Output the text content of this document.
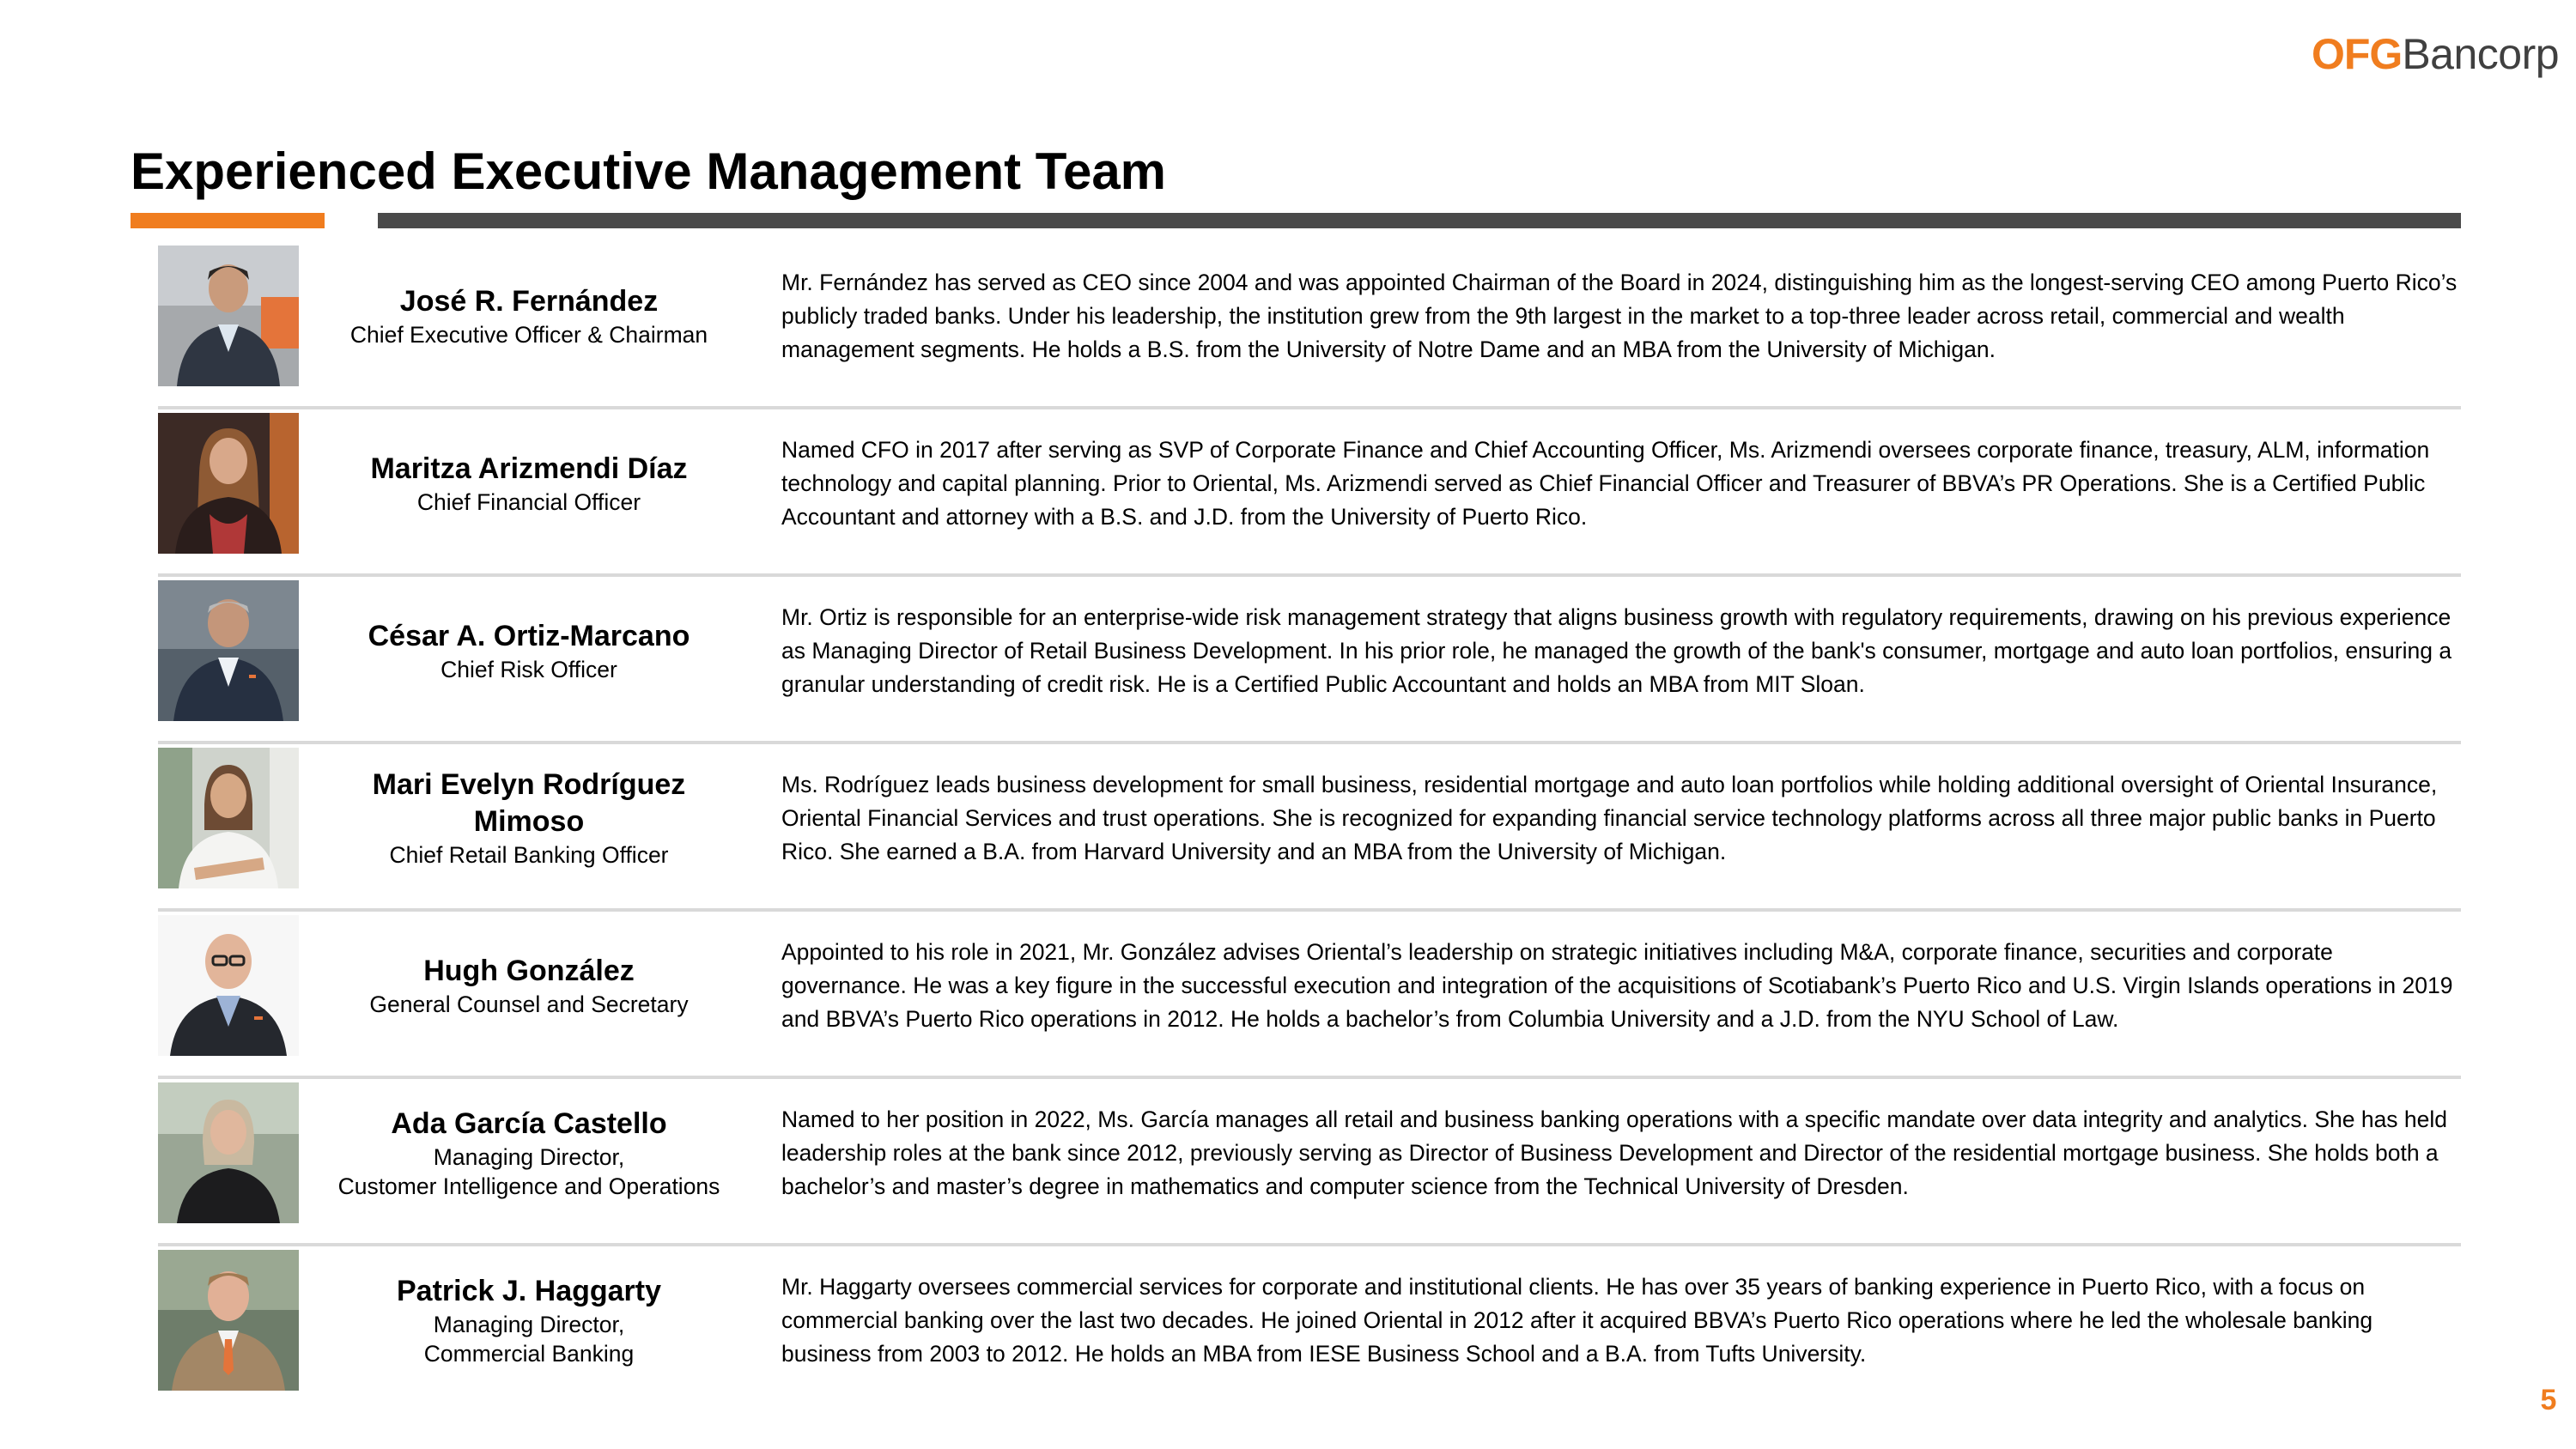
OFG Bancorp
Experienced Executive Management Team
José R. Fernández
Chief Executive Officer & Chairman
Mr. Fernández has served as CEO since 2004 and was appointed Chairman of the Board in 2024, distinguishing him as the longest-serving CEO among Puerto Rico’s publicly traded banks. Under his leadership, the institution grew from the 9th largest in the market to a top-three leader across retail, commercial and wealth management segments. He holds a B.S. from the University of Notre Dame and an MBA from the University of Michigan.
Maritza Arizmendi Díaz
Chief Financial Officer
Named CFO in 2017 after serving as SVP of Corporate Finance and Chief Accounting Officer, Ms. Arizmendi oversees corporate finance, treasury, ALM, information technology and capital planning. Prior to Oriental, Ms. Arizmendi served as Chief Financial Officer and Treasurer of BBVA’s PR Operations. She is a Certified Public Accountant and attorney with a B.S. and J.D. from the University of Puerto Rico.
César A. Ortiz-Marcano
Chief Risk Officer
Mr. Ortiz is responsible for an enterprise-wide risk management strategy that aligns business growth with regulatory requirements, drawing on his previous experience as Managing Director of Retail Business Development. In his prior role, he managed the growth of the bank's consumer, mortgage and auto loan portfolios, ensuring a granular understanding of credit risk. He is a Certified Public Accountant and holds an MBA from MIT Sloan.
Mari Evelyn Rodríguez Mimoso
Chief Retail Banking Officer
Ms. Rodríguez leads business development for small business, residential mortgage and auto loan portfolios while holding additional oversight of Oriental Insurance, Oriental Financial Services and trust operations. She is recognized for expanding financial service technology platforms across all three major public banks in Puerto Rico. She earned a B.A. from Harvard University and an MBA from the University of Michigan.
Hugh González
General Counsel and Secretary
Appointed to his role in 2021, Mr. González advises Oriental’s leadership on strategic initiatives including M&A, corporate finance, securities and corporate governance. He was a key figure in the successful execution and integration of the acquisitions of Scotiabank’s Puerto Rico and U.S. Virgin Islands operations in 2019 and BBVA’s Puerto Rico operations in 2012. He holds a bachelor’s from Columbia University and a J.D. from the NYU School of Law.
Ada García Castello
Managing Director,
Customer Intelligence and Operations
Named to her position in 2022, Ms. García manages all retail and business banking operations with a specific mandate over data integrity and analytics. She has held leadership roles at the bank since 2012, previously serving as Director of Business Development and Director of the residential mortgage business. She holds both a bachelor’s and master’s degree in mathematics and computer science from the Technical University of Dresden.
Patrick J. Haggarty
Managing Director,
Commercial Banking
Mr. Haggarty oversees commercial services for corporate and institutional clients. He has over 35 years of banking experience in Puerto Rico, with a focus on commercial banking over the last two decades. He joined Oriental in 2012 after it acquired BBVA’s Puerto Rico operations where he led the wholesale banking business from 2003 to 2012. He holds an MBA from IESE Business School and a B.A. from Tufts University.
5
